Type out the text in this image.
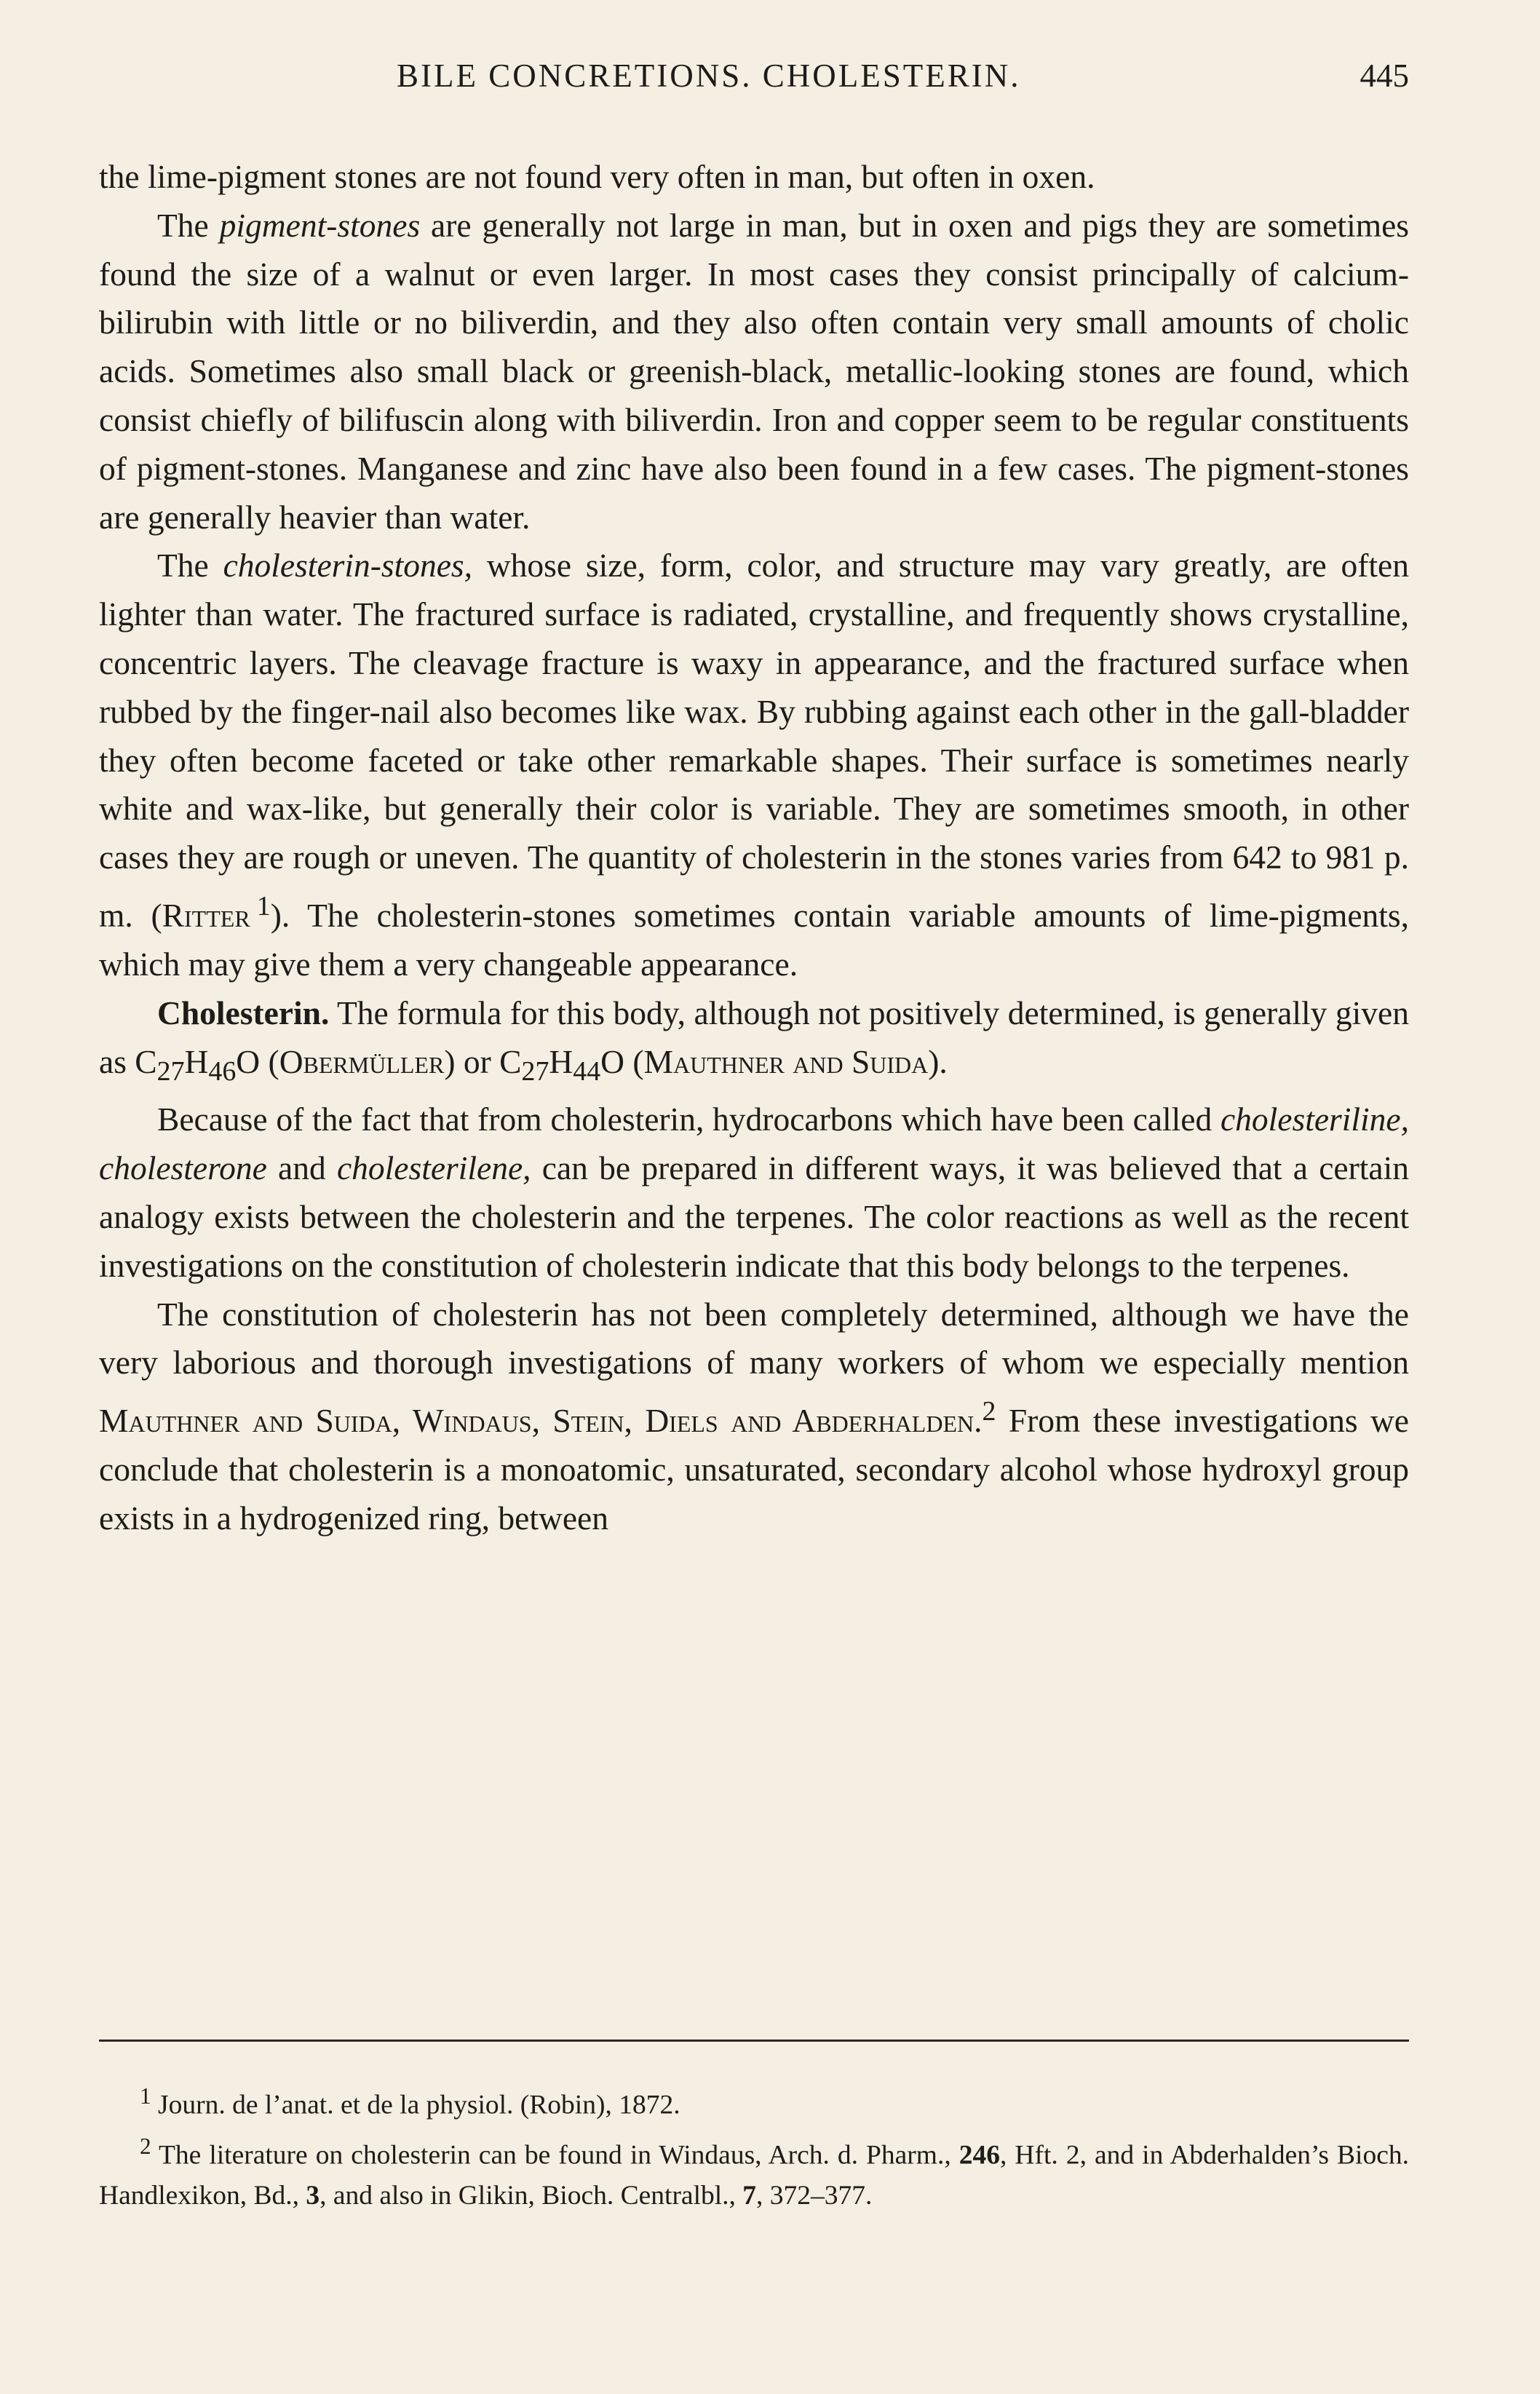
BILE CONCRETIONS. CHOLESTERIN.	445

the lime-pigment stones are not found very often in man, but often in oxen.

The pigment-stones are generally not large in man, but in oxen and pigs they are sometimes found the size of a walnut or even larger. In most cases they consist principally of calcium-bilirubin with little or no biliverdin, and they also often contain very small amounts of cholic acids. Sometimes also small black or greenish-black, metallic-looking stones are found, which consist chiefly of bilifuscin along with biliverdin. Iron and copper seem to be regular constituents of pigment-stones. Manganese and zinc have also been found in a few cases. The pigment-stones are generally heavier than water.

The cholesterin-stones, whose size, form, color, and structure may vary greatly, are often lighter than water. The fractured surface is radiated, crystalline, and frequently shows crystalline, concentric layers. The cleavage fracture is waxy in appearance, and the fractured surface when rubbed by the finger-nail also becomes like wax. By rubbing against each other in the gall-bladder they often become faceted or take other remarkable shapes. Their surface is sometimes nearly white and wax-like, but generally their color is variable. They are sometimes smooth, in other cases they are rough or uneven. The quantity of cholesterin in the stones varies from 642 to 981 p. m. (Ritter  $^1$). The cholesterin-stones sometimes contain variable amounts of lime-pigments, which may give them a very changeable appearance.

Cholesterin. The formula for this body, although not positively determined, is generally given as $C_{27}H_{46}O$ (Obermüller) or $C_{27}H_{44}O$ (Mauthner and Suida).

Because of the fact that from cholesterin, hydrocarbons which have been called cholesteriline, cholesterone and cholesterilene, can be prepared in different ways, it was believed that a certain analogy exists between the cholesterin and the terpenes. The color reactions as well as the recent investigations on the constitution of cholesterin indicate that this body belongs to the terpenes.

The constitution of cholesterin has not been completely determined, although we have the very laborious and thorough investigations of many workers of whom we especially mention Mauthner and Suida, Windaus, Stein, Diels and Abderhalden.$^2$ From these investigations we conclude that cholesterin is a monoatomic, unsaturated, secondary alcohol whose hydroxyl group exists in a hydrogenized ring, between

$^1$ Journ. de l’anat. et de la physiol. (Robin), 1872.

$^2$ The literature on cholesterin can be found in Windaus, Arch. d. Pharm., 246, Hft. 2, and in Abderhalden’s Bioch. Handlexikon, Bd., 3, and also in Glikin, Bioch. Centralbl., 7, 372–377.
